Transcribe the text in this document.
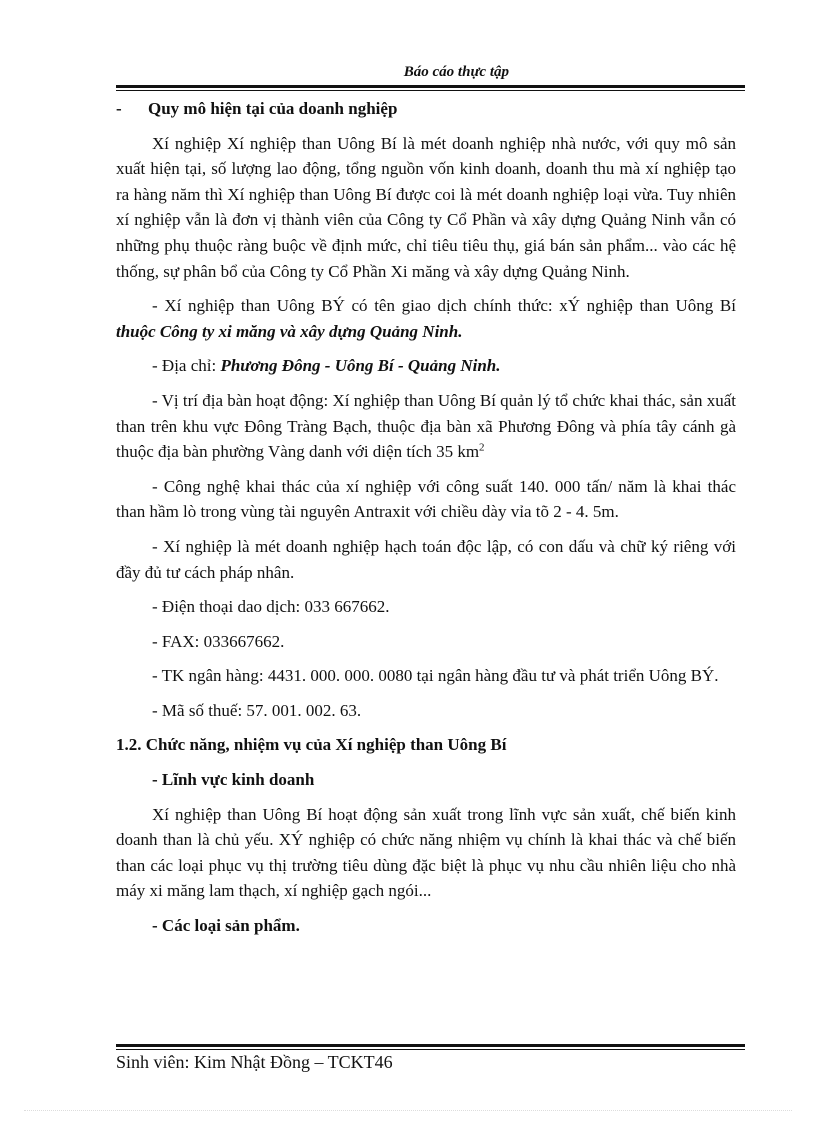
Báo cáo thực tập

- Quy mô hiện tại của doanh nghiệp

Xí nghiệp Xí nghiệp than Uông Bí là mét doanh nghiệp nhà nước, với quy mô sản xuất hiện tại, số lượng lao động, tổng nguồn vốn kinh doanh, doanh thu mà xí nghiệp tạo ra hàng năm thì Xí nghiệp than Uông Bí được coi là mét doanh nghiệp loại vừa. Tuy nhiên xí nghiệp vẫn là đơn vị thành viên của Công ty Cổ Phần và xây dựng Quảng Ninh vẫn có những phụ thuộc ràng buộc về định mức, chỉ tiêu tiêu thụ, giá bán sản phẩm... vào các hệ thống, sự phân bổ của Công ty Cổ Phần Xi măng và xây dựng Quảng Ninh.

- Xí nghiệp than Uông BÝ có tên giao dịch chính thức: xÝ nghiệp than Uông Bí thuộc Công ty xi măng và xây dựng Quảng Ninh.

- Địa chỉ: Phương Đông - Uông Bí - Quảng Ninh.

- Vị trí địa bàn hoạt động: Xí nghiệp than Uông Bí quản lý tổ chức khai thác, sản xuất than trên khu vực Đông Tràng Bạch, thuộc địa bàn xã Phương Đông và phía tây cánh gà thuộc địa bàn phường Vàng danh với diện tích 35 $km^2$

- Công nghệ khai thác của xí nghiệp với công suất 140. 000 tấn/ năm là khai thác than hầm lò trong vùng tài nguyên Antraxit với chiều dày vỉa tõ 2 - 4. 5m.

- Xí nghiệp là mét doanh nghiệp hạch toán độc lập, có con dấu và chữ ký riêng với đầy đủ tư cách pháp nhân.

- Điện thoại dao dịch: 033 667662.

- FAX: 033667662.

- TK ngân hàng: 4431. 000. 000. 0080 tại ngân hàng đầu tư và phát triển Uông BÝ.

- Mã số thuế: 57. 001. 002. 63.

1.2. Chức năng, nhiệm vụ của Xí nghiệp than Uông Bí

- Lĩnh vực kinh doanh

Xí nghiệp than Uông Bí hoạt động sản xuất trong lĩnh vực sản xuất, chế biến kinh doanh than là chủ yếu. XÝ nghiệp có chức năng nhiệm vụ chính là khai thác và chế biến than các loại phục vụ thị trường tiêu dùng đặc biệt là phục vụ nhu cầu nhiên liệu cho nhà máy xi măng lam thạch, xí nghiệp gạch ngói...

- Các loại sản phẩm.

Sinh viên: Kim Nhật Đồng – TCKT46
